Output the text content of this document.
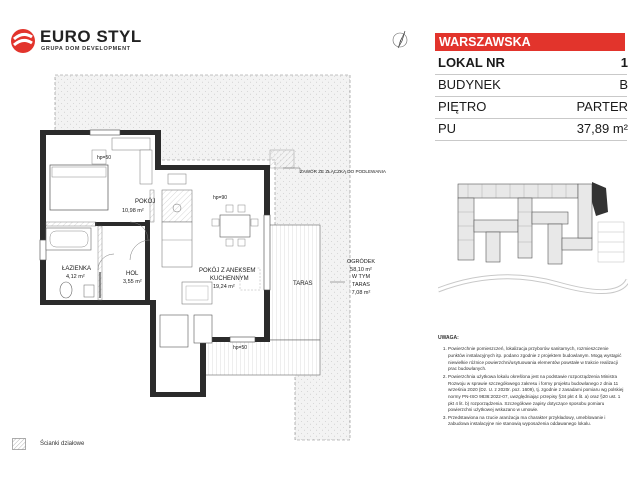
EURO STYL
GRUPA DOM DEVELOPMENT
hp=50
hp=90
hp=50
POKÓJ
10,98 m²
ŁAZIENKA
4,12 m²	HOL
3,55 m²
POKÓJ Z ANEKSEM
KUCHENNYM
19,24 m²	TARAS
OGRÓDEK
58,10 m²
W TYM
TARAS
7,08 m²
ZAWÓR ZE ZŁĄCZKĄ DO PODLEWANIA
Ścianki działowe
WARSZAWSKA
LOKAL NR	1
BUDYNEK	B
PIĘTRO	PARTER
PU	37,89 m²
UWAGA:
1. Powierzchnie pomieszczeń, lokalizacja przyborów sanitarnych, rozmieszczenie punktów instalacyjnych itp. podano zgodnie z projektem budowlanym. Mogą wystąpić niewielkie różnice powierzchni/usytuowania elementów powstałe w trakcie realizacji prac budowlanych.
2. Powierzchnia użytkowa lokalu określona jest na podstawie rozporządzenia Ministra Rozwoju w sprawie szczegółowego zakresu i formy projektu budowlanego z dnia 11 września 2020 (Dz. U. z 2020r. poz. 1609), tj. zgodnie z zasadami pomiaru wg polskiej normy PN-ISO 9836:2022-07, uwzględniając przepisy §34 pkt 4 lit. a) oraz §20 ust. 1 pkt 4 lit. b) rozporządzenia. Szczegółowe zapisy dotyczące sposobu pomiaru powierzchni użytkowej wskazano w umowie.
3. Przedstawiona na rzucie aranżacja ma charakter przykładowy, umeblowanie i zabudowa instalacyjne nie stanowią wyposażenia oddawanego lokalu.
